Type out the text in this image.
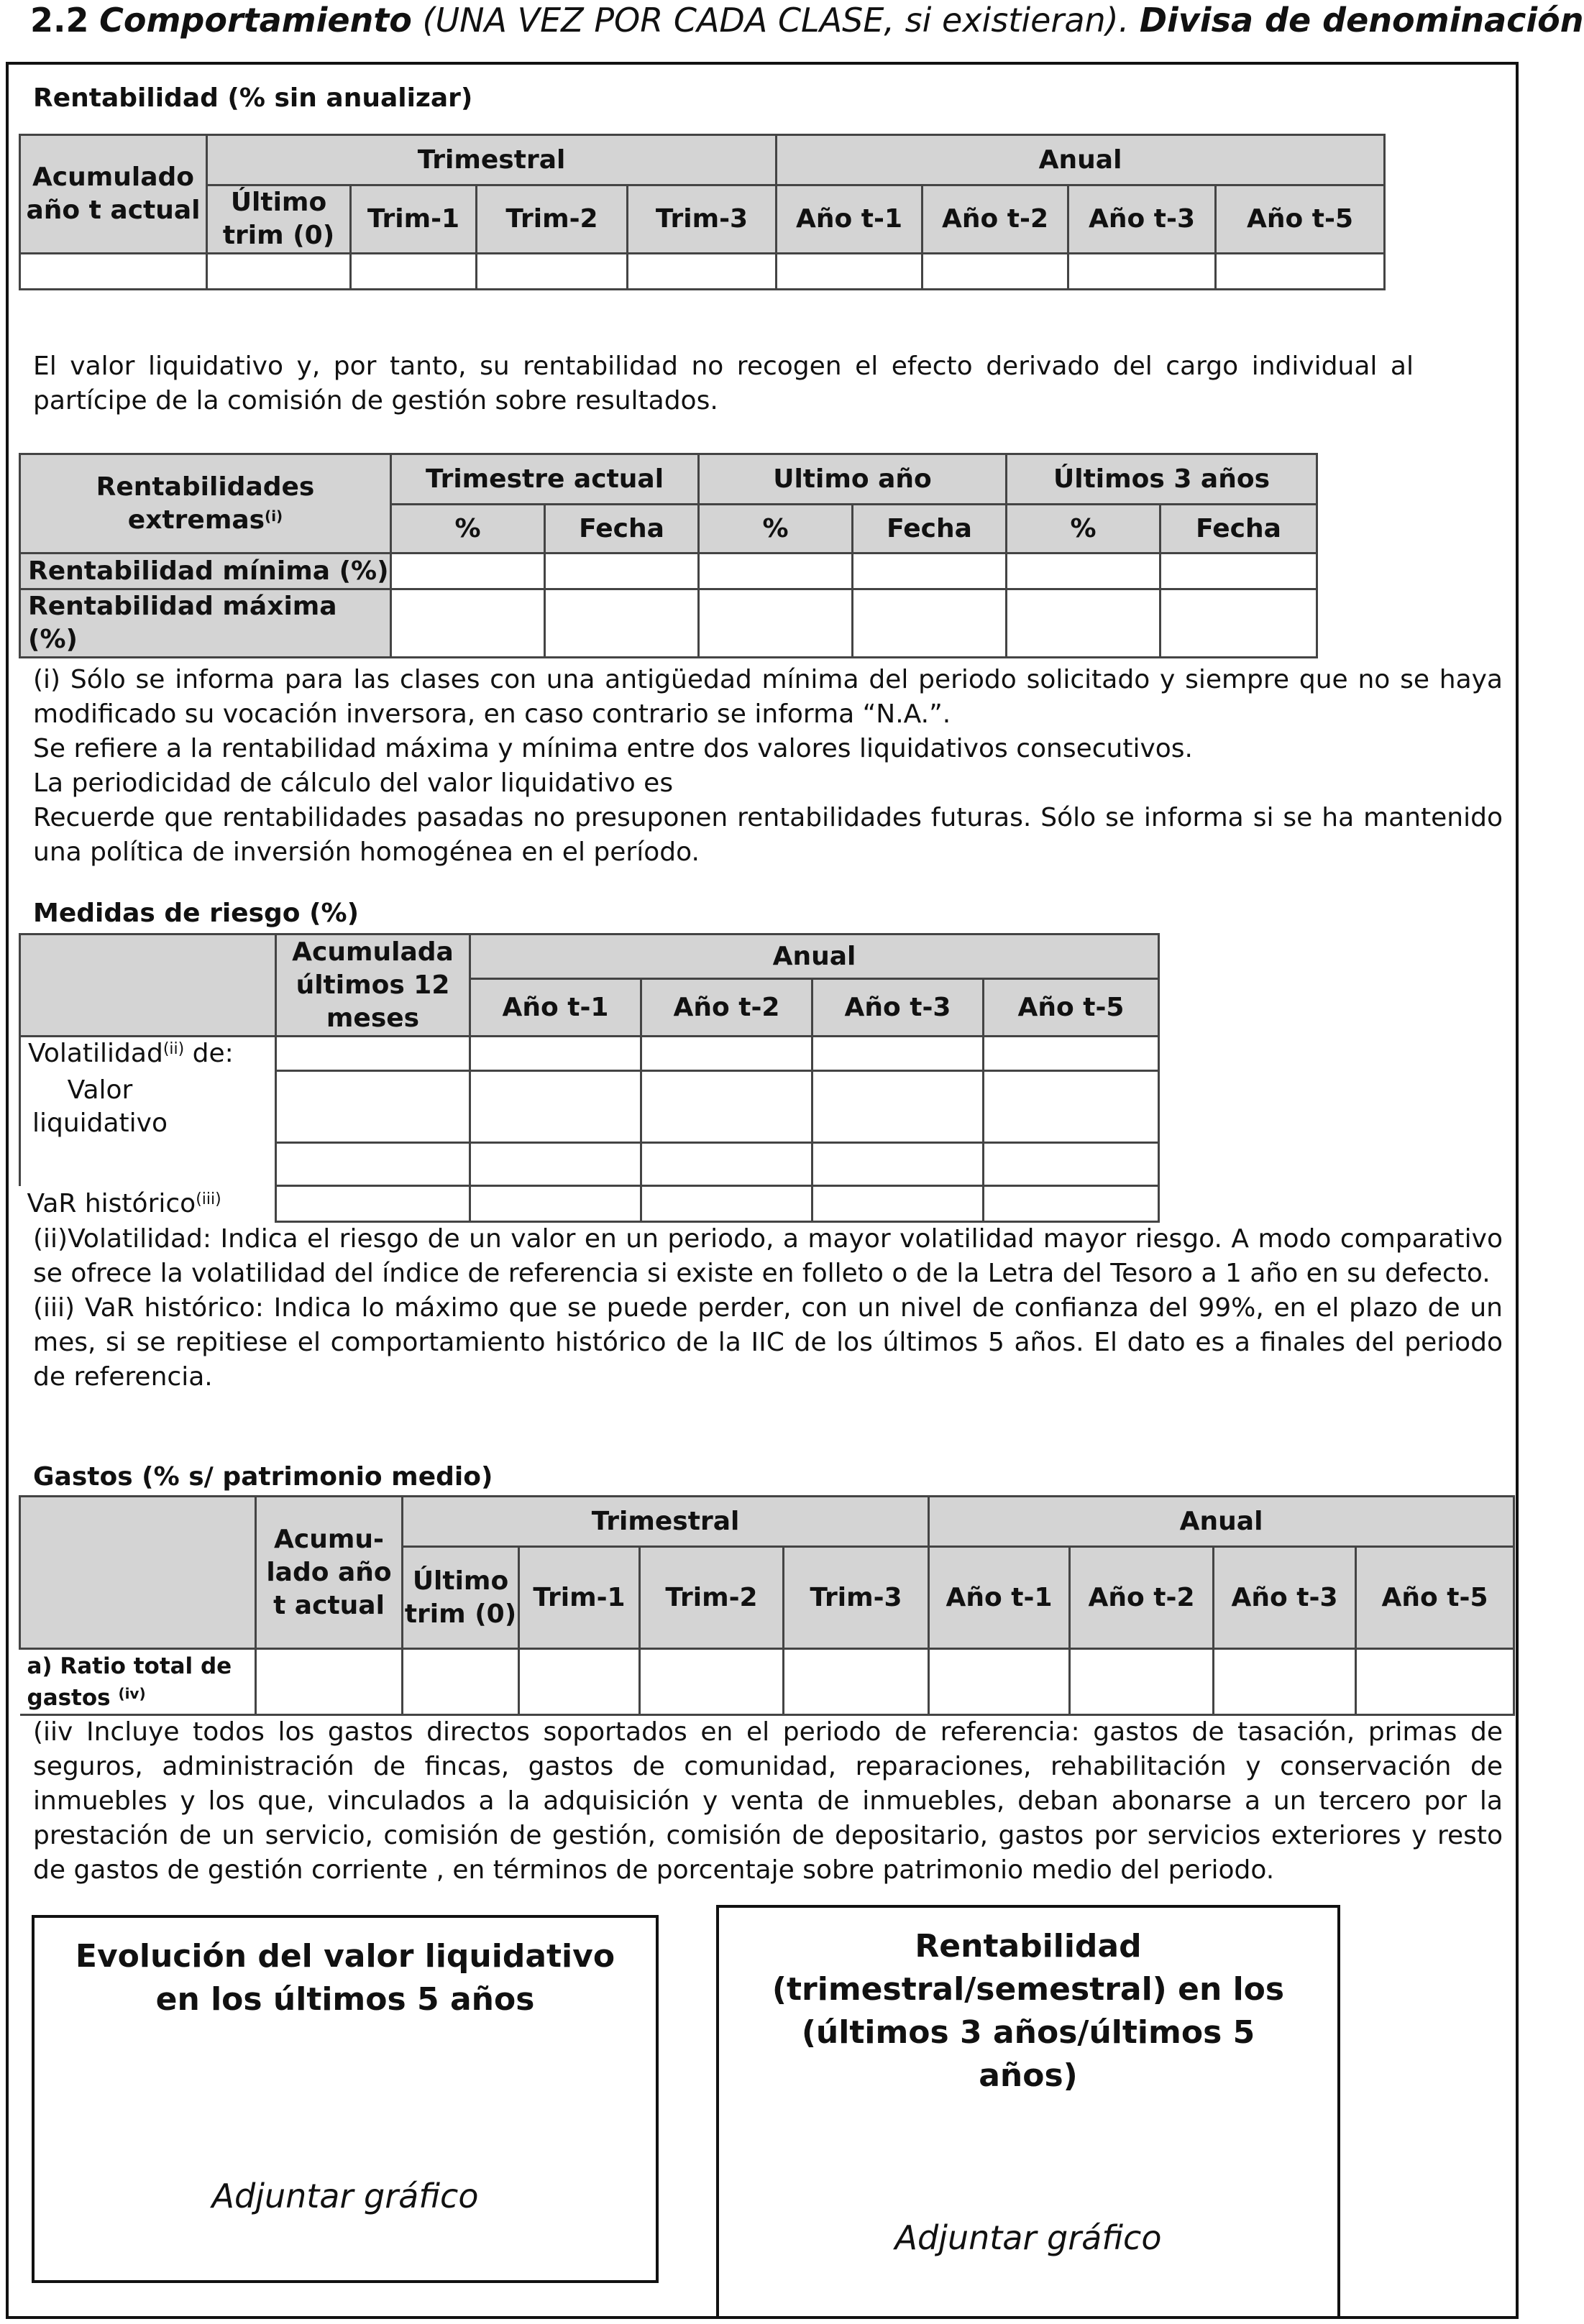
2.2 Comportamiento (UNA VEZ POR CADA CLASE, si existieran). Divisa de denominación
Rentabilidad (% sin anualizar)
Acumulado año t actual	Trimestral				Anual			
	Último trim (0)	Trim-1	Trim-2	Trim-3	Año t-1	Año t-2	Año t-3	Año t-5

El valor liquidativo y, por tanto, su rentabilidad no recogen el efecto derivado del cargo individual al partícipe de la comisión de gestión sobre resultados.
Rentabilidades extremas$^{(i)}$	Trimestre actual		Ultimo año		Últimos 3 años	
	%	Fecha	%	Fecha	%	Fecha
Rentabilidad mínima (%)						
Rentabilidad máxima (%)						

(i) Sólo se informa para las clases con una antigüedad mínima del periodo solicitado y siempre que no se haya modificado su vocación inversora, en caso contrario se informa “N.A.”.

Se refiere a la rentabilidad máxima y mínima entre dos valores liquidativos consecutivos.

La periodicidad de cálculo del valor liquidativo es

Recuerde que rentabilidades pasadas no presuponen rentabilidades futuras. Sólo se informa si se ha mantenido una política de inversión homogénea en el período.

Medidas de riesgo (%)
	Acumulada últimos 12 meses	Anual			
		Año t-1	Año t-2	Año t-3	Año t-5
Volatilidad$^{(ii)}$ de:					

Valor liquidativo					

VaR histórico$^{(iii)}$					

(ii)Volatilidad: Indica el riesgo de un valor en un periodo, a mayor volatilidad mayor riesgo. A modo comparativo se ofrece la volatilidad del índice de referencia si existe en folleto o de la Letra del Tesoro a 1 año en su defecto.

(iii) VaR histórico: Indica lo máximo que se puede perder, con un nivel de confianza del 99%, en el plazo de un mes, si se repitiese el comportamiento histórico de la IIC de los últimos 5 años. El dato es a finales del periodo de referencia.

Gastos (% s/ patrimonio medio)
	Acumu-lado año t actual	Trimestral				Anual			
		Último trim (0)	Trim-1	Trim-2	Trim-3	Año t-1	Año t-2	Año t-3	Año t-5
a) Ratio total de gastos $^{(iv)}$									
(iiv Incluye todos los gastos directos soportados en el periodo de referencia: gastos de tasación, primas de seguros, administración de fincas, gastos de comunidad, reparaciones, rehabilitación y conservación de inmuebles y los que, vinculados a la adquisición y venta de inmuebles, deban abonarse a un tercero por la prestación de un servicio, comisión de gestión, comisión de depositario, gastos por servicios exteriores y resto de gastos de gestión corriente , en términos de porcentaje sobre patrimonio medio del periodo.
Evolución del valor liquidativo en los últimos 5 años
Adjuntar gráfico
Rentabilidad (trimestral/semestral) en los (últimos 3 años/últimos 5 años)
Adjuntar gráfico
